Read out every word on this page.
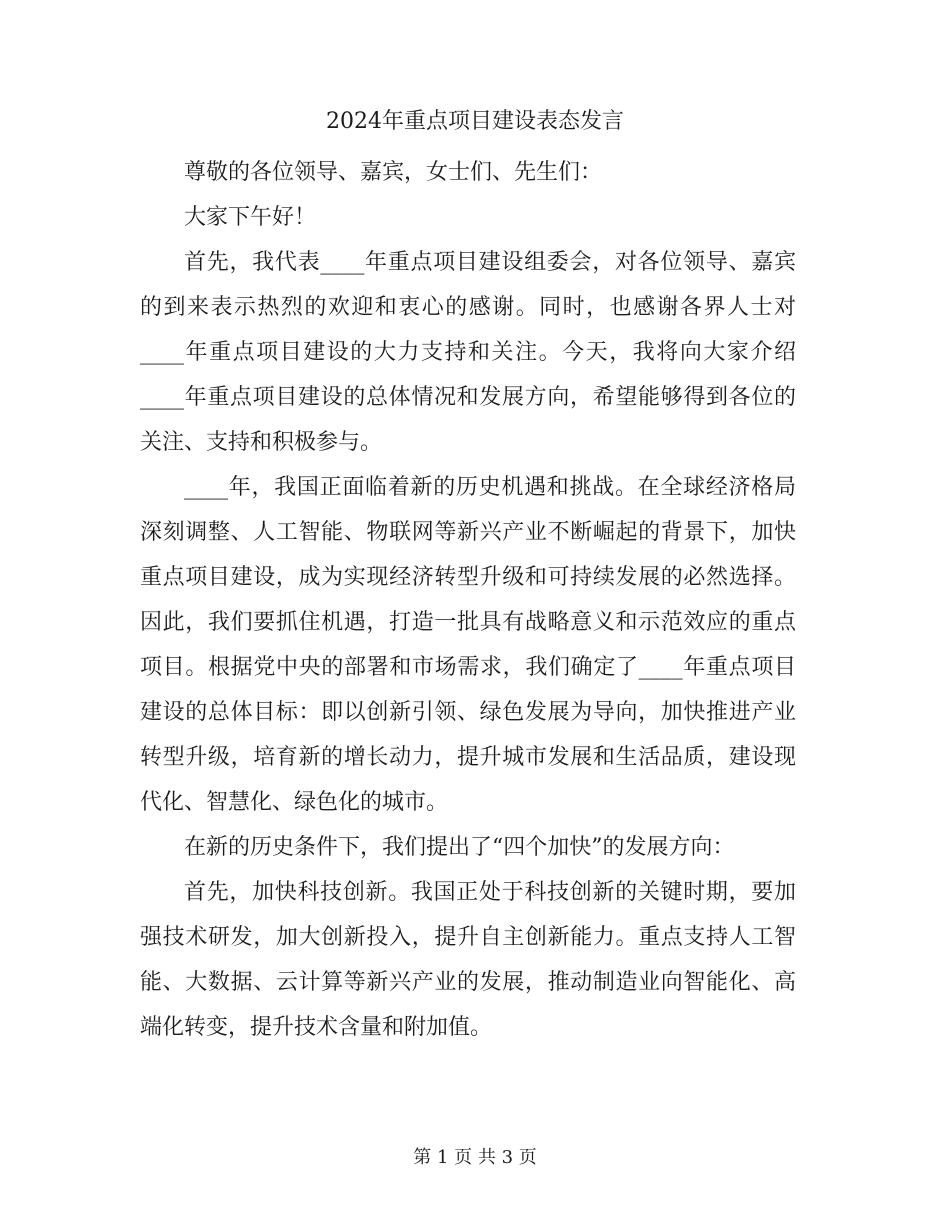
2024年重点项目建设表态发言

尊敬的各位领导、嘉宾，女士们、先生们：

大家下午好！

首先，我代表____年重点项目建设组委会，对各位领导、嘉宾的到来表示热烈的欢迎和衷心的感谢。同时，也感谢各界人士对____年重点项目建设的大力支持和关注。今天，我将向大家介绍____年重点项目建设的总体情况和发展方向，希望能够得到各位的关注、支持和积极参与。

____年，我国正面临着新的历史机遇和挑战。在全球经济格局深刻调整、人工智能、物联网等新兴产业不断崛起的背景下，加快重点项目建设，成为实现经济转型升级和可持续发展的必然选择。因此，我们要抓住机遇，打造一批具有战略意义和示范效应的重点项目。根据党中央的部署和市场需求，我们确定了____年重点项目建设的总体目标：即以创新引领、绿色发展为导向，加快推进产业转型升级，培育新的增长动力，提升城市发展和生活品质，建设现代化、智慧化、绿色化的城市。

在新的历史条件下，我们提出了“四个加快”的发展方向：

首先，加快科技创新。我国正处于科技创新的关键时期，要加强技术研发，加大创新投入，提升自主创新能力。重点支持人工智能、大数据、云计算等新兴产业的发展，推动制造业向智能化、高端化转变，提升技术含量和附加值。

第 1 页 共 3 页
